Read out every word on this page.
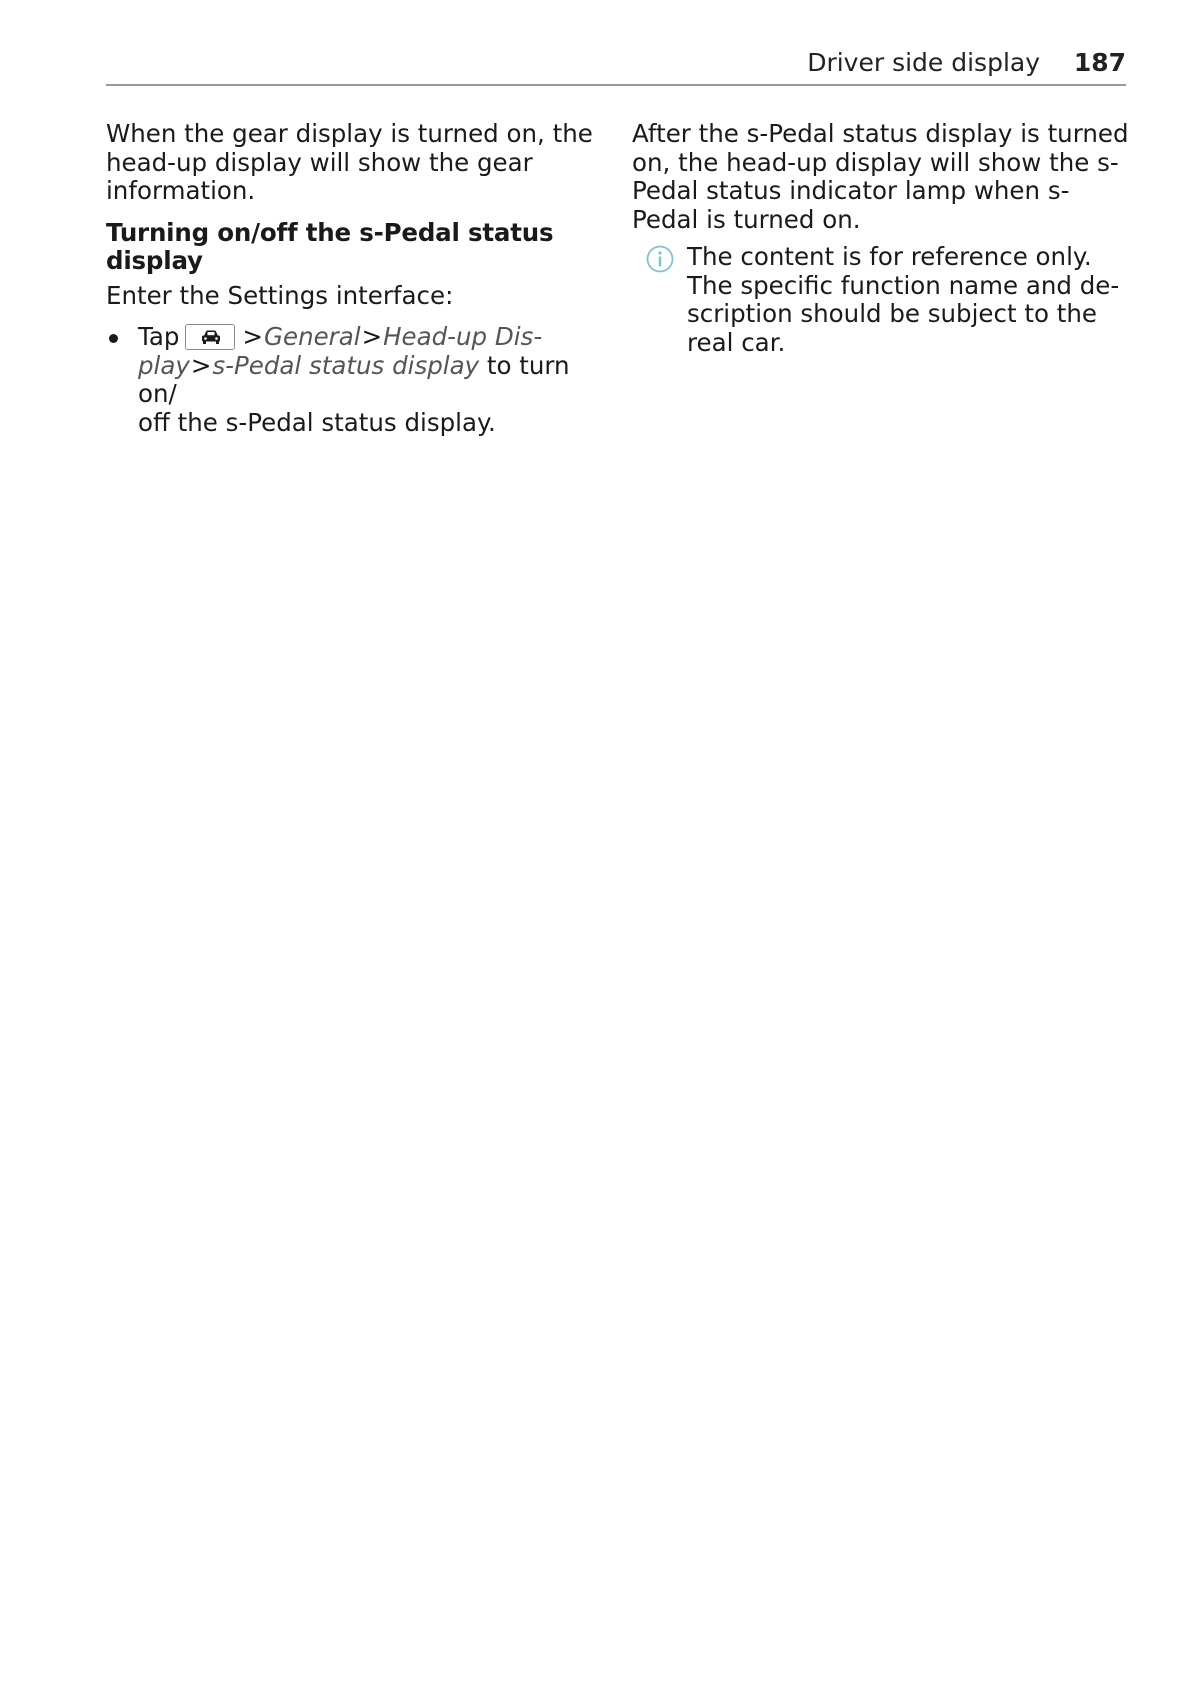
Driver side display 187

When the gear display is turned on, the head-up display will show the gear information.

Turning on/off the s-Pedal status display

Enter the Settings interface:

Tap	>General>Head-up Dis-
play>s-Pedal status display to turn on/
off the s-Pedal status display.

After the s-Pedal status display is turned on, the head-up display will show the s-Pedal status indicator lamp when s-Pedal is turned on.

The content is for reference only. The specific function name and de-scription should be subject to the real car.
